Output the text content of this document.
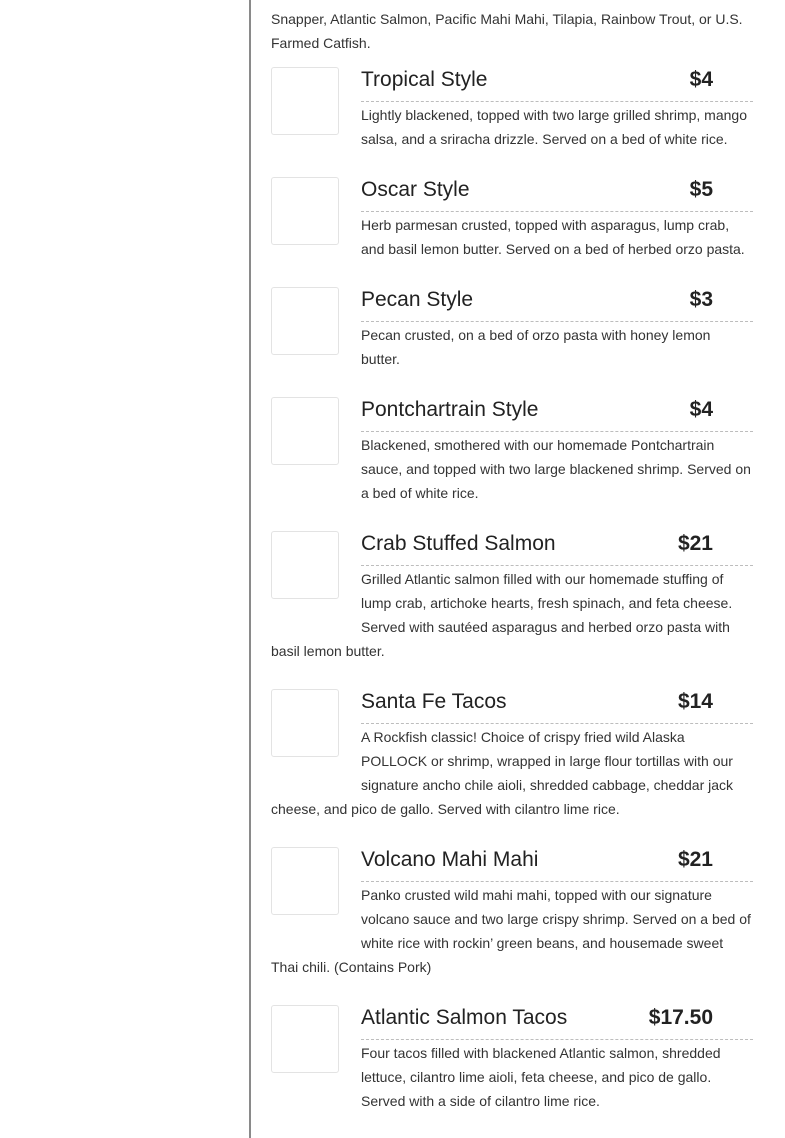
Snapper, Atlantic Salmon, Pacific Mahi Mahi, Tilapia, Rainbow Trout, or U.S. Farmed Catfish.

Tropical Style	$4

Lightly blackened, topped with two large grilled shrimp, mango salsa, and a sriracha drizzle. Served on a bed of white rice.

Oscar Style	$5

Herb parmesan crusted, topped with asparagus, lump crab, and basil lemon butter. Served on a bed of herbed orzo pasta.

Pecan Style	$3

Pecan crusted, on a bed of orzo pasta with honey lemon butter.

Pontchartrain Style	$4

Blackened, smothered with our homemade Pontchartrain sauce, and topped with two large blackened shrimp. Served on a bed of white rice.

Crab Stuffed Salmon	$21

Grilled Atlantic salmon filled with our homemade stuffing of lump crab, artichoke hearts, fresh spinach, and feta cheese. Served with sautéed asparagus and herbed orzo pasta with basil lemon butter.

Santa Fe Tacos	$14

A Rockfish classic! Choice of crispy fried wild Alaska POLLOCK or shrimp, wrapped in large flour tortillas with our signature ancho chile aioli, shredded cabbage, cheddar jack cheese, and pico de gallo. Served with cilantro lime rice.

Volcano Mahi Mahi	$21

Panko crusted wild mahi mahi, topped with our signature volcano sauce and two large crispy shrimp. Served on a bed of white rice with rockin’ green beans, and housemade sweet Thai chili. (Contains Pork)

Atlantic Salmon Tacos	$17.50

Four tacos filled with blackened Atlantic salmon, shredded lettuce, cilantro lime aioli, feta cheese, and pico de gallo. Served with a side of cilantro lime rice.
